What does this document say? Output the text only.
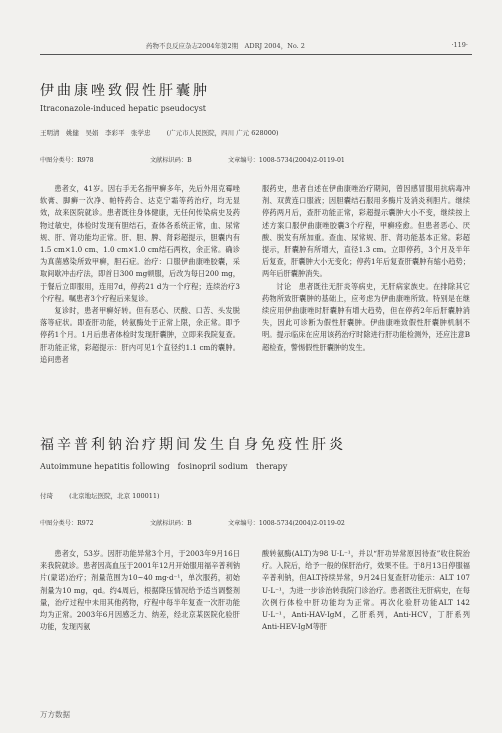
药物不良反应杂志2004年第2期　ADRJ 2004，No. 2	·119·
伊曲康唑致假性肝囊肿
Itraconazole-induced hepatic pseudocyst
王明清　姚健　吴娟　李彩平　张学忠 (广元市人民医院，四川 广元 628000)
中图分类号：R978	文献标识码：B	文章编号：1008-5734(2004)2-0119-01

患者女，41岁。因右手无名指甲癣多年，先后外用克霉唑软膏、脚癣一次净、帕特药合、达克宁霜等药治疗，均无显效，故来医院就诊。患者既往身体健康，无任何传染病史及药物过敏史，体检时发现有胆结石，查体各系统正常，血、尿常规、肝、肾功能均正常。肝、胆、脾、肾彩超提示，胆囊内有1.5 cm×1.0 cm、1.0 cm×1.0 cm结石两枚，余正常。确诊为真菌感染所致甲癣，胆石症。治疗：口服伊曲康唑胶囊，采取间歇冲击疗法，即首日300 mg顿服，后改为每日200 mg，于餐后立即服用，连用7d，停药21 d为一个疗程；连续治疗3个疗程。嘱患者3个疗程后来复诊。

复诊时，患者甲癣好转。但有恶心、厌酸、口苦、头发脱落等症状。即查肝功能，转氨酶处于正常上限，余正常。即予停药1个月。1月后患者体检时发现肝囊肿，立即来我院复查。肝功能正常，彩超提示：肝内可见1个直径约1.1 cm的囊肿。追问患者

服药史，患者自述在伊曲康唑治疗期间，曾因感冒服用抗病毒冲剂、双黄连口服液；因胆囊结石服用多酶片及消炎利胆片。继续停药两月后，查肝功能正常，彩超提示囊肿大小不变，继续按上述方案口服伊曲康唑胶囊3个疗程，甲癣痊愈。但患者恶心、厌酸、脱发有所加重。查血、尿常规、肝、肾功能基本正常。彩超提示，肝囊肿有所增大，直径1.3 cm。立即停药，3个月及半年后复查，肝囊肿大小无变化；停药1年后复查肝囊肿有缩小趋势；两年后肝囊肿消失。

讨论　患者既往无肝炎等病史，无肝病家族史。在排除其它药物所致肝囊肿的基础上，应考虑为伊曲康唑所致。特别是在继续应用伊曲康唑时肝囊肿有增大趋势，但在停药2年后肝囊肿消失，因此可诊断为假性肝囊肿。伊曲康唑致假性肝囊肿机制不明。提示临床在应用该药治疗时除进行肝功能检测外，还应注意B超检查，警惕假性肝囊肿的发生。

福辛普利钠治疗期间发生自身免疫性肝炎
Autoimmune hepatitis following　fosinopril sodium　therapy
付琦 (北京地坛医院，北京 100011)
中图分类号：R972	文献标识码：B	文章编号：1008-5734(2004)2-0119-02

患者女，53岁。因肝功能异常3个月，于2003年9月16日来我院就诊。患者因高血压于2001年12月开始服用福辛普利钠片(蒙诺)治疗；剂量范围为10~40 mg·d⁻¹，单次服药，初始剂量为10 mg，qd。约4周后，根据降压情况给予适当调整剂量，治疗过程中未用其他药物，疗程中每半年复查一次肝功能均为正常。2003年6月因感乏力、纳差，经北京某医院化验肝功能，发现丙氨

酸转氨酶(ALT)为98 U·L⁻¹，并以“肝功异常原因待查”收住院治疗。入院后，给予一般的保肝治疗，效果不佳。于8月13日停服福辛普利钠，但ALT持续异常，9月24日复查肝功能示：ALT 107 U·L⁻¹，为进一步诊治转我院门诊治疗。患者既往无肝病史，在每次例行体检中肝功能均为正常。再次化验肝功能ALT 142 U·L⁻¹，Anti-HAV-IgM，乙肝系列，Anti-HCV，丁肝系列Anti-HEV-IgM等肝

万方数据
